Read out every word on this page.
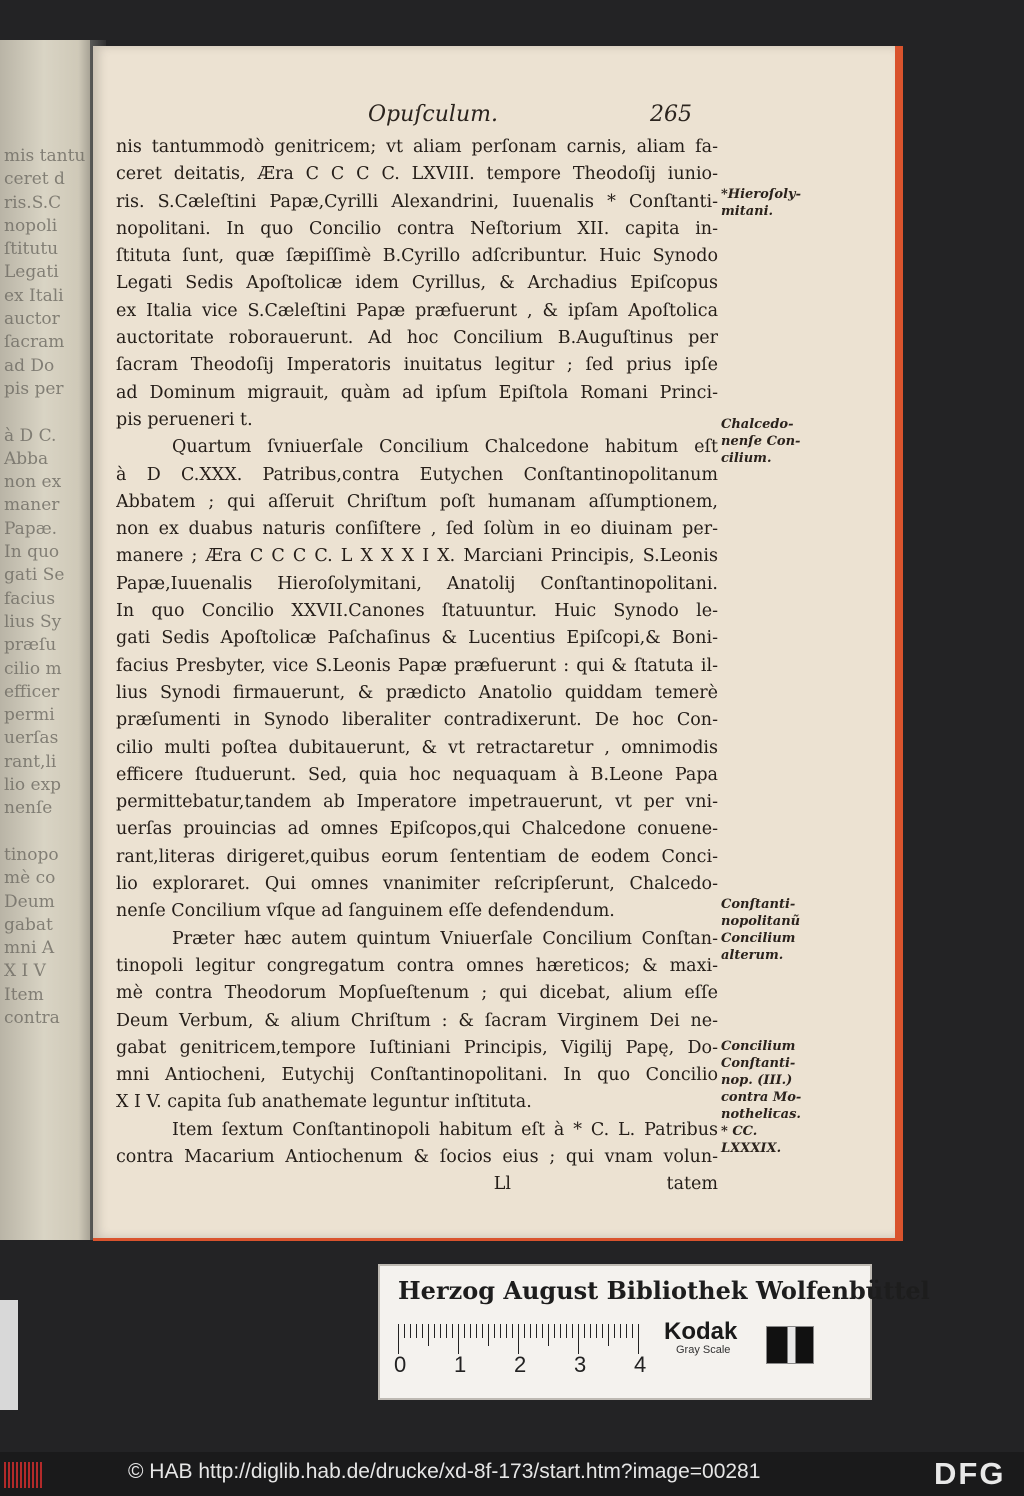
mis tantu
ceret d
ris.S.C
nopoli
ſtitutu
Legati
ex Itali
auctor
ſacram
ad Do
pis per

à D C.
Abba
non ex
maner
Papæ.
In quo
gati Se
facius
lius Sy
præſu
cilio m
efficer
permi
uerſas
rant,li
lio exp
nenſe

tinopo
mè co
Deum
gabat
mni A
X I V
Item
contra
Opuſculum.	265
nis tantummodò genitricem; vt aliam perſonam carnis, aliam fa-
ceret deitatis, Æra C C C C. LXVIII. tempore Theodoſij iunio-
ris. S.Cæleſtini Papæ,Cyrilli Alexandrini, Iuuenalis * Conſtanti-
nopolitani. In quo Concilio contra Neſtorium XII. capita in-
ſtituta ſunt, quæ ſæpiſſimè B.Cyrillo adſcribuntur. Huic Synodo
Legati Sedis Apoſtolicæ idem Cyrillus, & Archadius Epiſcopus
ex Italia vice S.Cæleſtini Papæ præfuerunt , & ipſam Apoſtolica
auctoritate roborauerunt. Ad hoc Concilium B.Auguſtinus per
ſacram Theodoſij Imperatoris inuitatus legitur ; ſed prius ipſe
ad Dominum migrauit, quàm ad ipſum Epiſtola Romani Princi-
pis perueneri t.
Quartum ſvniuerſale Concilium Chalcedone habitum eſt
à D C.XXX. Patribus,contra Eutychen Conſtantinopolitanum
Abbatem ; qui aſſeruit Chriſtum poſt humanam aſſumptionem,
non ex duabus naturis conſiſtere , ſed ſolùm in eo diuinam per-
manere ; Æra C C C C. L X X X I X. Marciani Principis, S.Leonis
Papæ,Iuuenalis Hieroſolymitani, Anatolij Conſtantinopolitani.
In quo Concilio XXVII.Canones ſtatuuntur. Huic Synodo le-
gati Sedis Apoſtolicæ Paſchaſinus & Lucentius Epiſcopi,& Boni-
facius Presbyter, vice S.Leonis Papæ præfuerunt : qui & ſtatuta il-
lius Synodi firmauerunt, & prædicto Anatolio quiddam temerè
præſumenti in Synodo liberaliter contradixerunt. De hoc Con-
cilio multi poſtea dubitauerunt, & vt retractaretur , omnimodis
efficere ſtuduerunt. Sed, quia hoc nequaquam à B.Leone Papa
permittebatur,tandem ab Imperatore impetrauerunt, vt per vni-
uerſas prouincias ad omnes Epiſcopos,qui Chalcedone conuene-
rant,literas dirigeret,quibus eorum ſententiam de eodem Conci-
lio exploraret. Qui omnes vnanimiter reſcripſerunt, Chalcedo-
nenſe Concilium vſque ad ſanguinem eſſe defendendum.
Præter hæc autem quintum Vniuerſale Concilium Conſtan-
tinopoli legitur congregatum contra omnes hæreticos; & maxi-
mè contra Theodorum Mopſueſtenum ; qui dicebat, alium eſſe
Deum Verbum, & alium Chriſtum : & ſacram Virginem Dei ne-
gabat genitricem,tempore Iuſtiniani Principis, Vigilij Papę, Do-
mni Antiocheni, Eutychij Conſtantinopolitani. In quo Concilio
X I V. capita ſub anathemate leguntur inſtituta.
Item ſextum Conſtantinopoli habitum eſt à * C. L. Patribus
contra Macarium Antiochenum & ſocios eius ; qui vnam volun-
Ll	tatem
*Hieroſoly-
mitani.
Chalcedo-
nenſe Con-
cilium.
Conſtanti-
nopolitanũ
Concilium
alterum.
Concilium
Conſtanti-
nop. (III.)
contra Mo-
notheliꞇas.
* CC.
LXXXIX.
Herzog August Bibliothek Wolfenbüttel
0 1 2 3 4
Kodak
Gray Scale
© HAB http://diglib.hab.de/drucke/xd-8f-173/start.htm?image=00281	DFG
